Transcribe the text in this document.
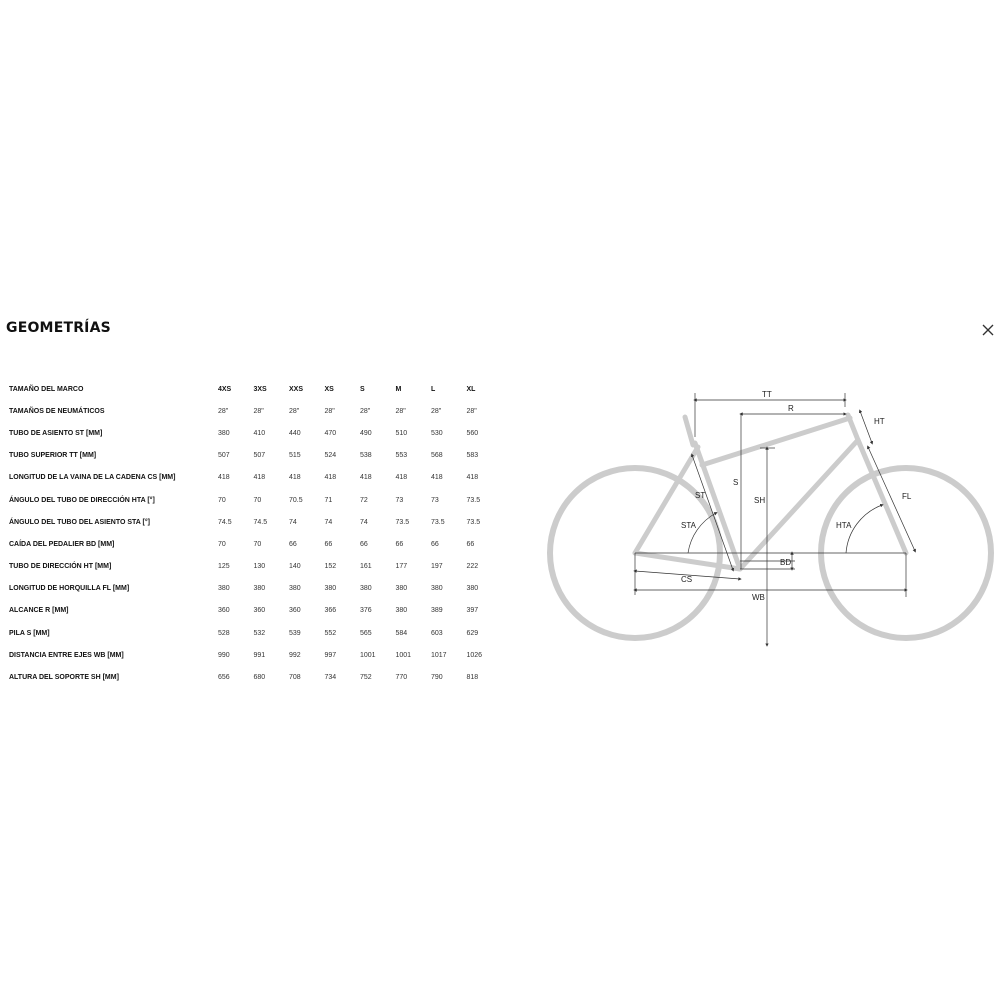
GEOMETRÍAS
TAMAÑO DEL MARCO	4XS	3XS	XXS	XS	S	M	L	XL
TAMAÑOS DE NEUMÁTICOS	28"	28"	28"	28"	28"	28"	28"	28"
TUBO DE ASIENTO ST [MM]	380	410	440	470	490	510	530	560
TUBO SUPERIOR TT [MM]	507	507	515	524	538	553	568	583
LONGITUD DE LA VAINA DE LA CADENA CS [MM]	418	418	418	418	418	418	418	418
ÁNGULO DEL TUBO DE DIRECCIÓN HTA [°]	70	70	70.5	71	72	73	73	73.5
ÁNGULO DEL TUBO DEL ASIENTO STA [°]	74.5	74.5	74	74	74	73.5	73.5	73.5
CAÍDA DEL PEDALIER BD [MM]	70	70	66	66	66	66	66	66
TUBO DE DIRECCIÓN HT [MM]	125	130	140	152	161	177	197	222
LONGITUD DE HORQUILLA FL [MM]	380	380	380	380	380	380	380	380
ALCANCE R [MM]	360	360	360	366	376	380	389	397
PILA S [MM]	528	532	539	552	565	584	603	629
DISTANCIA ENTRE EJES WB [MM]	990	991	992	997	1001	1001	1017	1026
ALTURA DEL SOPORTE SH [MM]	656	680	708	734	752	770	790	818
TT
R
HT
ST
S
SH	FL
STA	HTA
BD
CS
WB
